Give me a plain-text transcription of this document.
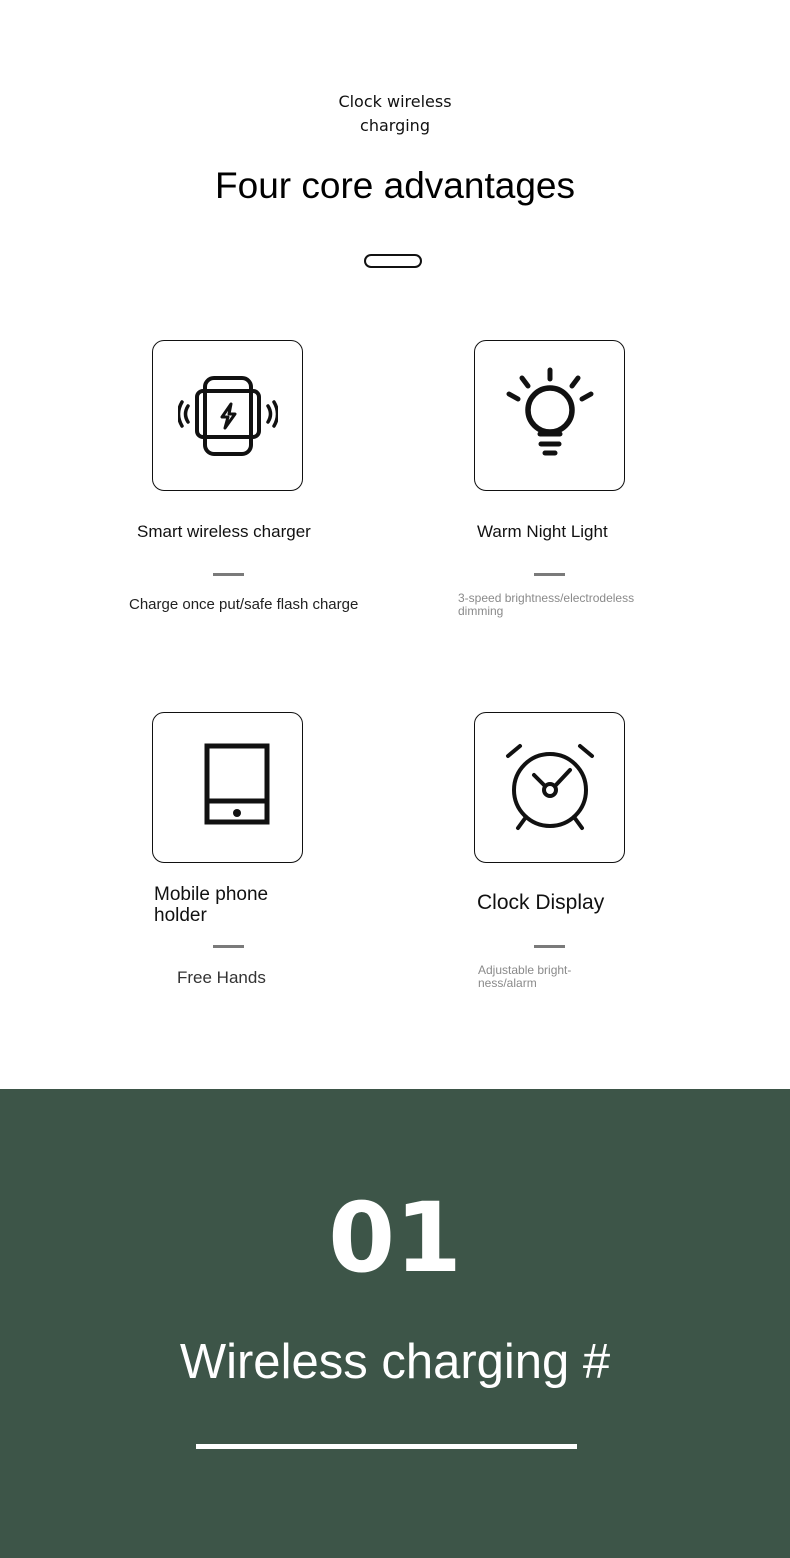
Clock wireless
charging
Four core advantages
Smart wireless charger
Charge once put/safe flash charge
Warm Night Light
3-speed brightness/electrodeless dimming
Mobile phone
holder
Free Hands
Clock Display
Adjustable bright-
ness/alarm
01
Wireless charging #
